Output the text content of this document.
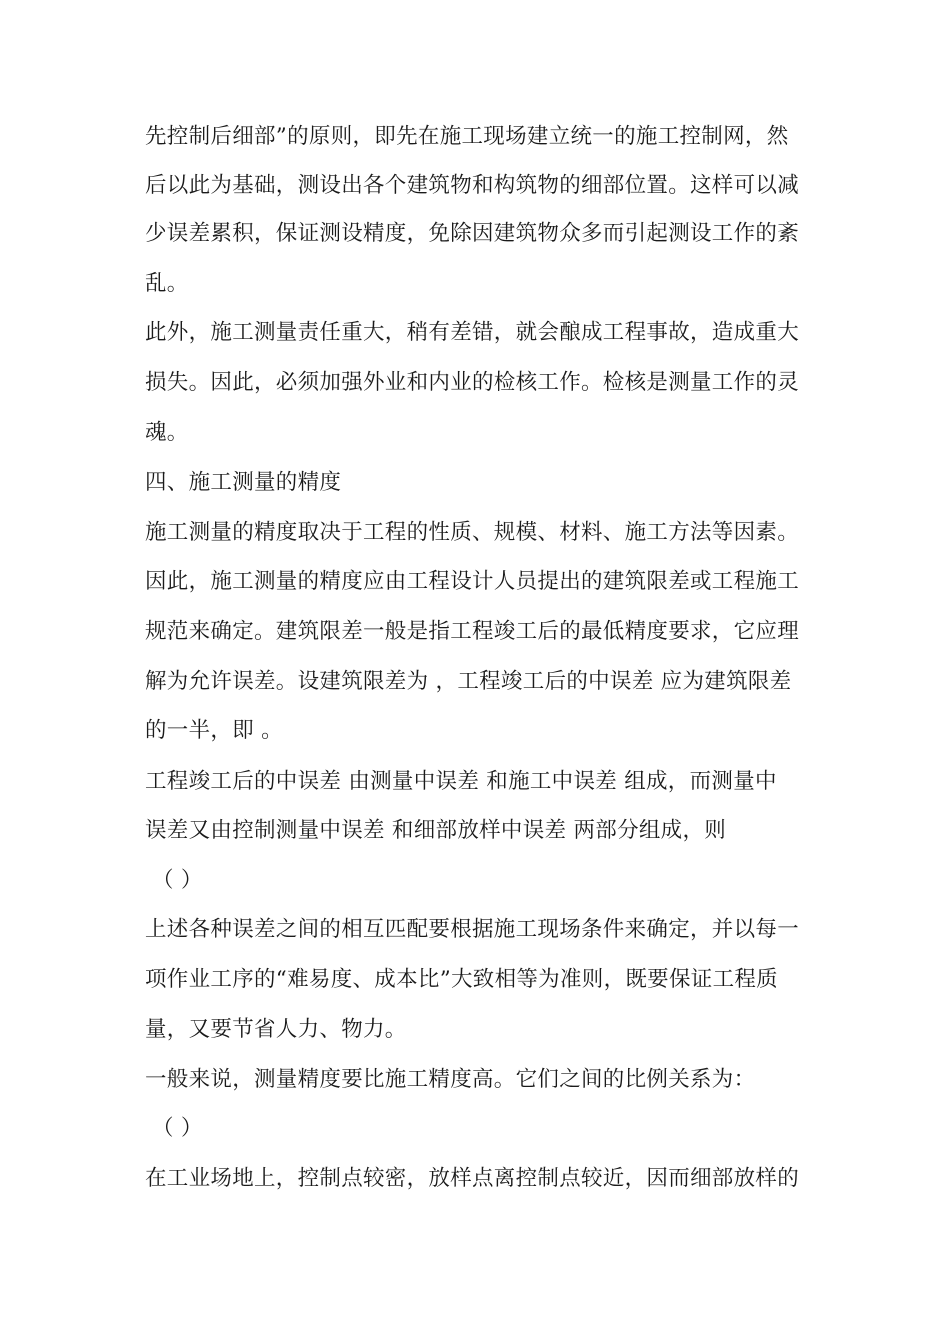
先控制后细部”的原则，即先在施工现场建立统一的施工控制网，然

后以此为基础，测设出各个建筑物和构筑物的细部位置。这样可以减

少误差累积，保证测设精度，免除因建筑物众多而引起测设工作的紊

乱。

此外，施工测量责任重大，稍有差错，就会酿成工程事故，造成重大

损失。因此，必须加强外业和内业的检核工作。检核是测量工作的灵

魂。

四、施工测量的精度

施工测量的精度取决于工程的性质、规模、材料、施工方法等因素。

因此，施工测量的精度应由工程设计人员提出的建筑限差或工程施工

规范来确定。建筑限差一般是指工程竣工后的最低精度要求，它应理

解为允许误差。设建筑限差为 ，工程竣工后的中误差 应为建筑限差

的一半，即 。

工程竣工后的中误差 由测量中误差 和施工中误差 组成，而测量中

误差又由控制测量中误差 和细部放样中误差 两部分组成，则

（ ）

上述各种误差之间的相互匹配要根据施工现场条件来确定，并以每一

项作业工序的“难易度、成本比”大致相等为准则，既要保证工程质

量，又要节省人力、物力。

一般来说，测量精度要比施工精度高。它们之间的比例关系为：

（ ）

在工业场地上，控制点较密，放样点离控制点较近，因而细部放样的
